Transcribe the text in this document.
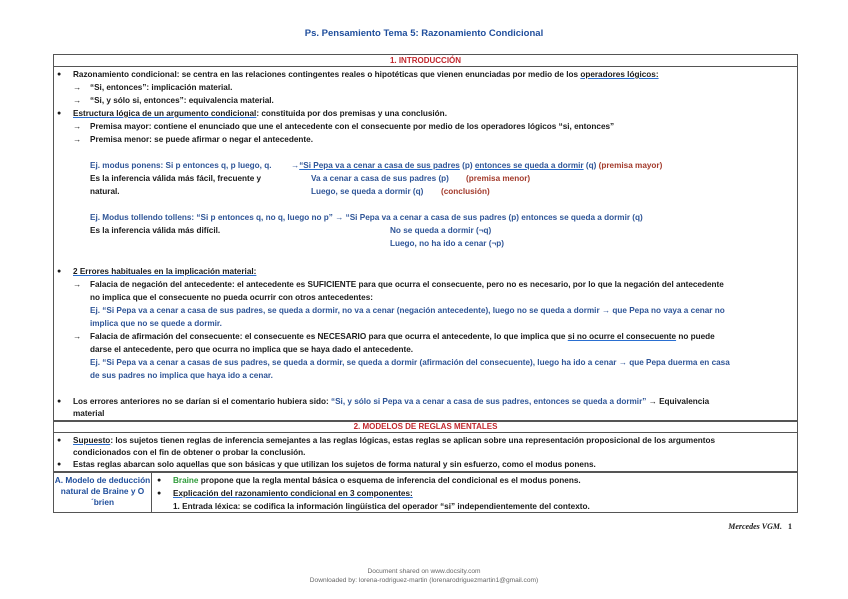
Ps. Pensamiento Tema 5: Razonamiento Condicional
1. INTRODUCCIÓN
● Razonamiento condicional: se centra en las relaciones contingentes reales o hipotéticas que vienen enunciadas por medio de los operadores lógicos:
→ “Si, entonces”: implicación material.
→ “Si, y sólo si, entonces”: equivalencia material.
● Estructura lógica de un argumento condicional: constituida por dos premisas y una conclusión.
→ Premisa mayor: contiene el enunciado que une el antecedente con el consecuente por medio de los operadores lógicos “si, entonces”
→ Premisa menor: se puede afirmar o negar el antecedente.
Ej. modus ponens: Si p entonces q, p luego, q. →“Si Pepa va a cenar a casa de sus padres (p) entonces se queda a dormir (q) (premisa mayor)
Es la inferencia válida más fácil, frecuente y	Va a cenar a casa de sus padres (p) (premisa menor)
natural.	Luego, se queda a dormir (q) (conclusión)
Ej. Modus tollendo tollens: “Si p entonces q, no q, luego no p” → “Si Pepa va a cenar a casa de sus padres (p) entonces se queda a dormir (q)
Es la inferencia válida más difícil.	No se queda a dormir (¬q)
Luego, no ha ido a cenar (¬p)
● 2 Errores habituales en la implicación material:
→ Falacia de negación del antecedente: el antecedente es SUFICIENTE para que ocurra el consecuente, pero no es necesario, por lo que la negación del antecedente
no implica que el consecuente no pueda ocurrir con otros antecedentes:
Ej. “Si Pepa va a cenar a casa de sus padres, se queda a dormir, no va a cenar (negación antecedente), luego no se queda a dormir → que Pepa no vaya a cenar no
implica que no se quede a dormir.
→ Falacia de afirmación del consecuente: el consecuente es NECESARIO para que ocurra el antecedente, lo que implica que si no ocurre el consecuente no puede
darse el antecedente, pero que ocurra no implica que se haya dado el antecedente.
Ej. “Si Pepa va a cenar a casas de sus padres, se queda a dormir, se queda a dormir (afirmación del consecuente), luego ha ido a cenar → que Pepa duerma en casa
de sus padres no implica que haya ido a cenar.
● Los errores anteriores no se darían si el comentario hubiera sido: “Si, y sólo si Pepa va a cenar a casa de sus padres, entonces se queda a dormir” → Equivalencia
material
2. MODELOS DE REGLAS MENTALES
● Supuesto: los sujetos tienen reglas de inferencia semejantes a las reglas lógicas, estas reglas se aplican sobre una representación proposicional de los argumentos
condicionados con el fin de obtener o probar la conclusión.
● Estas reglas abarcan solo aquellas que son básicas y que utilizan los sujetos de forma natural y sin esfuerzo, como el modus ponens.
A. Modelo de deducción natural de Braine y O´brien
● Braine propone que la regla mental básica o esquema de inferencia del condicional es el modus ponens.
● Explicación del razonamiento condicional en 3 componentes:
1. Entrada léxica: se codifica la información lingüística del operador “si” independientemente del contexto.
Mercedes VGM. 1
Document shared on www.docsity.com
Downloaded by: lorena-rodriguez-martin (lorenarodriguezmartin1@gmail.com)
